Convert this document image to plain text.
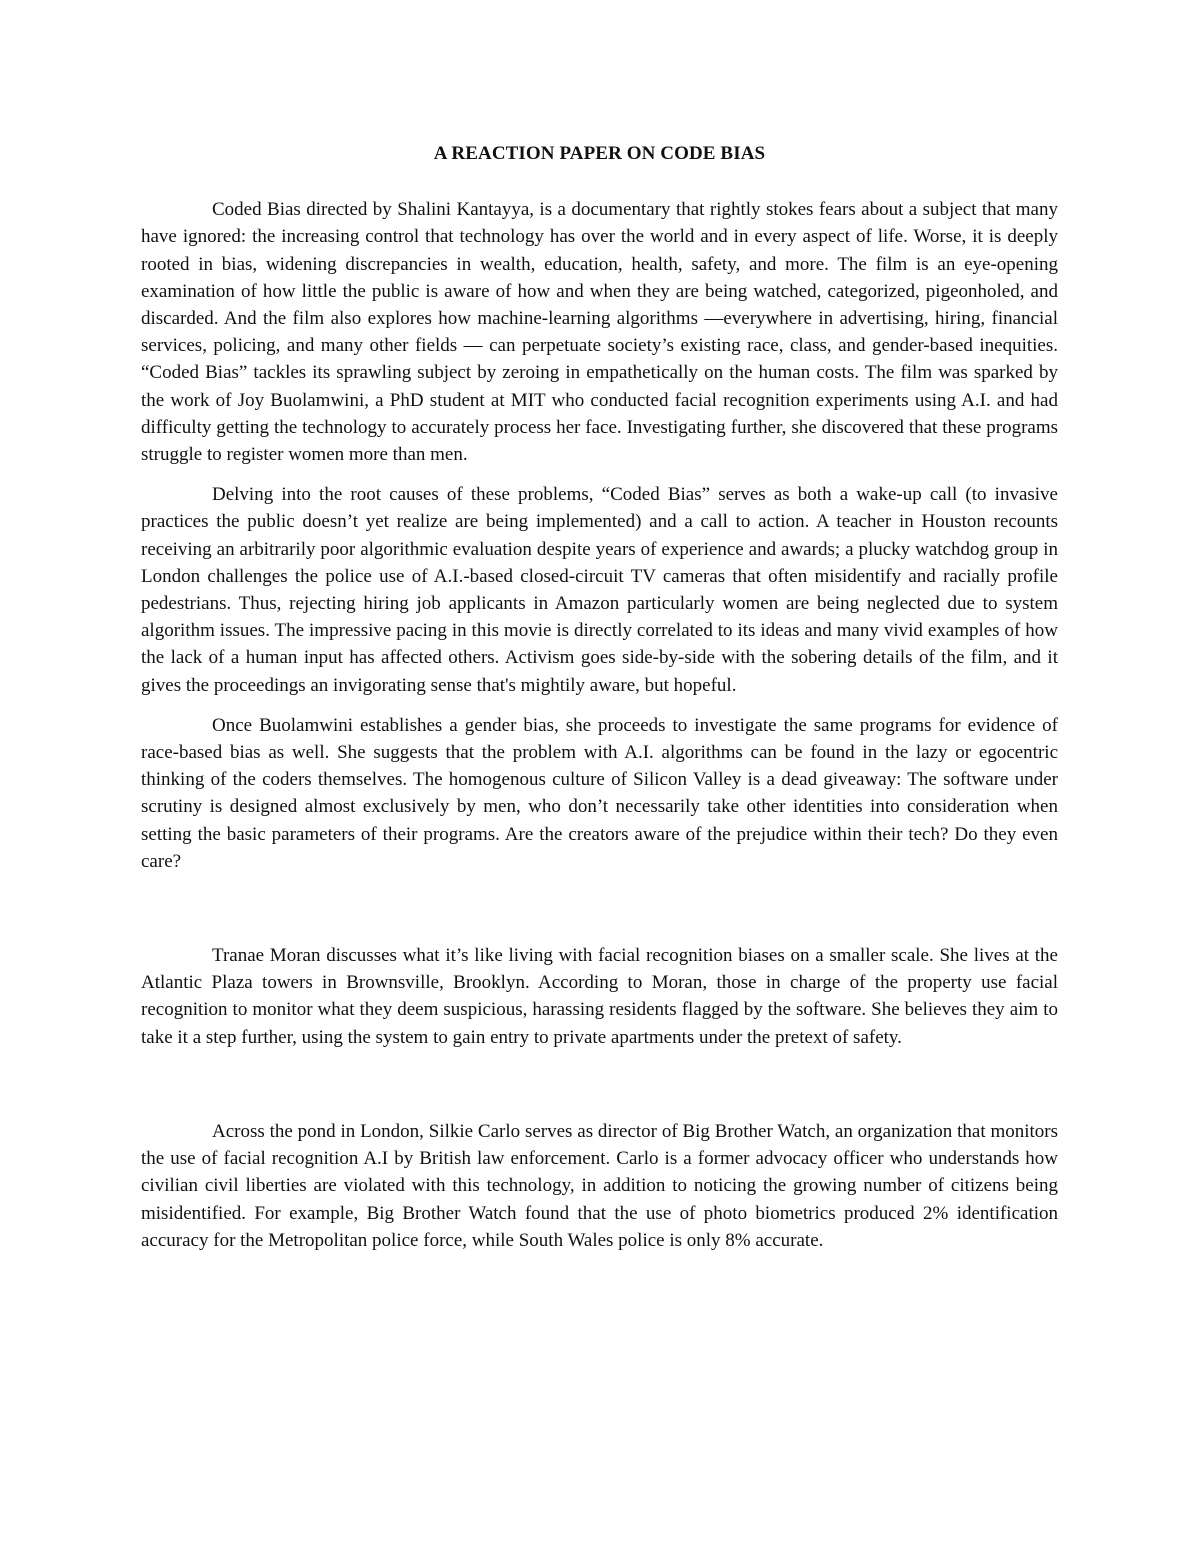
A REACTION PAPER ON CODE BIAS

Coded Bias directed by Shalini Kantayya, is a documentary that rightly stokes fears about a subject that many have ignored: the increasing control that technology has over the world and in every aspect of life. Worse, it is deeply rooted in bias, widening discrepancies in wealth, education, health, safety, and more. The film is an eye-opening examination of how little the public is aware of how and when they are being watched, categorized, pigeonholed, and discarded. And the film also explores how machine-learning algorithms —everywhere in advertising, hiring, financial services, policing, and many other fields — can perpetuate society’s existing race, class, and gender-based inequities. “Coded Bias” tackles its sprawling subject by zeroing in empathetically on the human costs. The film was sparked by the work of Joy Buolamwini, a PhD student at MIT who conducted facial recognition experiments using A.I. and had difficulty getting the technology to accurately process her face. Investigating further, she discovered that these programs struggle to register women more than men.

Delving into the root causes of these problems, “Coded Bias” serves as both a wake-up call (to invasive practices the public doesn’t yet realize are being implemented) and a call to action. A teacher in Houston recounts receiving an arbitrarily poor algorithmic evaluation despite years of experience and awards; a plucky watchdog group in London challenges the police use of A.I.-based closed-circuit TV cameras that often misidentify and racially profile pedestrians. Thus, rejecting hiring job applicants in Amazon particularly women are being neglected due to system algorithm issues. The impressive pacing in this movie is directly correlated to its ideas and many vivid examples of how the lack of a human input has affected others. Activism goes side-by-side with the sobering details of the film, and it gives the proceedings an invigorating sense that's mightily aware, but hopeful.

Once Buolamwini establishes a gender bias, she proceeds to investigate the same programs for evidence of race-based bias as well. She suggests that the problem with A.I. algorithms can be found in the lazy or egocentric thinking of the coders themselves. The homogenous culture of Silicon Valley is a dead giveaway: The software under scrutiny is designed almost exclusively by men, who don’t necessarily take other identities into consideration when setting the basic parameters of their programs. Are the creators aware of the prejudice within their tech? Do they even care?

Tranae Moran discusses what it’s like living with facial recognition biases on a smaller scale. She lives at the Atlantic Plaza towers in Brownsville, Brooklyn. According to Moran, those in charge of the property use facial recognition to monitor what they deem suspicious, harassing residents flagged by the software. She believes they aim to take it a step further, using the system to gain entry to private apartments under the pretext of safety.

Across the pond in London, Silkie Carlo serves as director of Big Brother Watch, an organization that monitors the use of facial recognition A.I by British law enforcement. Carlo is a former advocacy officer who understands how civilian civil liberties are violated with this technology, in addition to noticing the growing number of citizens being misidentified. For example, Big Brother Watch found that the use of photo biometrics produced 2% identification accuracy for the Metropolitan police force, while South Wales police is only 8% accurate.
